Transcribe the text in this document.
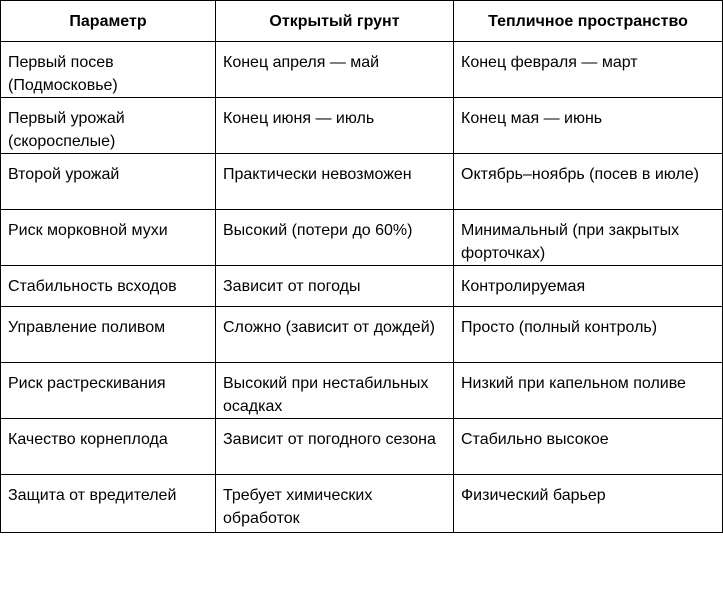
Параметр	Открытый грунт	Тепличное пространство
Первый посев (Подмосковье)	Конец апреля — май	Конец февраля — март
Первый урожай (скороспелые)	Конец июня — июль	Конец мая — июнь
Второй урожай	Практически невозможен	Октябрь–ноябрь (посев в июле)
Риск морковной мухи	Высокий (потери до 60%)	Минимальный (при закрытых форточках)
Стабильность всходов	Зависит от погоды	Контролируемая
Управление поливом	Сложно (зависит от дождей)	Просто (полный контроль)
Риск растрескивания	Высокий при нестабильных осадках	Низкий при капельном поливе
Качество корнеплода	Зависит от погодного сезона	Стабильно высокое
Защита от вредителей	Требует химических обработок	Физический барьер
